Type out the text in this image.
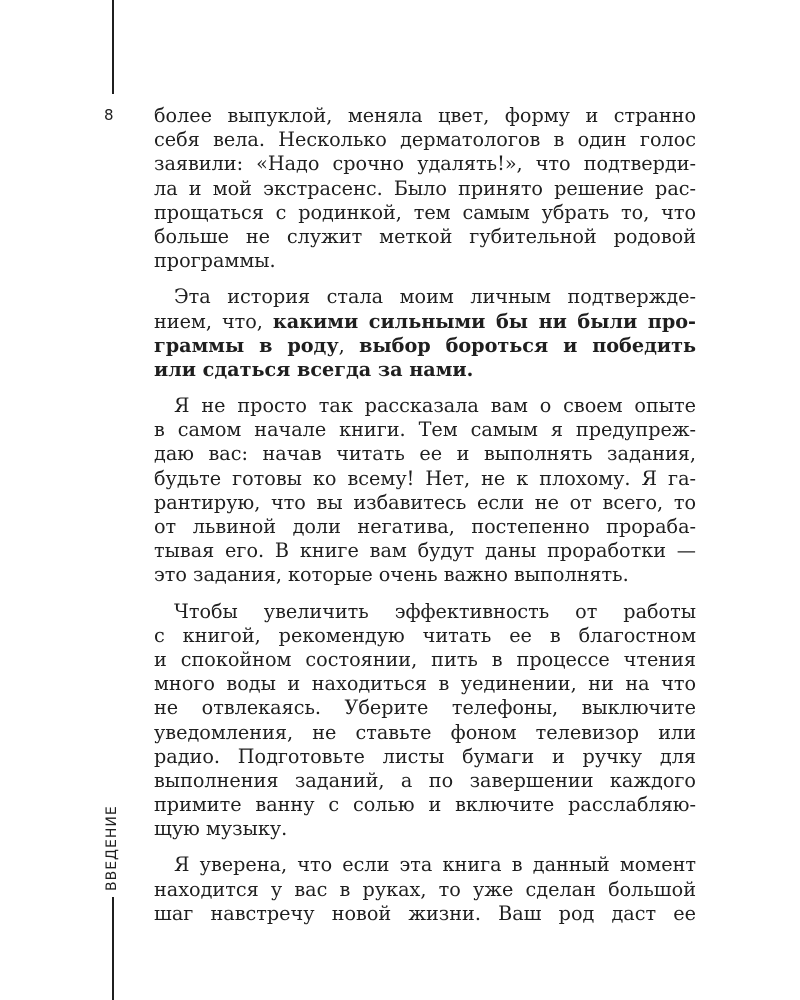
8
ВВЕДЕНИЕ
более выпуклой, меняла цвет, форму и странно
себя вела. Несколько дерматологов в один голос
заявили: «Надо срочно удалять!», что подтверди-
ла и мой экстрасенс. Было принято решение рас-
прощаться с родинкой, тем самым убрать то, что
больше не служит меткой губительной родовой
программы.
Эта история стала моим личным подтвержде-
нием, что, какими сильными бы ни были про-
граммы в роду, выбор бороться и победить
или сдаться всегда за нами.
Я не просто так рассказала вам о своем опыте
в самом начале книги. Тем самым я предупреж-
даю вас: начав читать ее и выполнять задания,
будьте готовы ко всему! Нет, не к плохому. Я га-
рантирую, что вы избавитесь если не от всего, то
от львиной доли негатива, постепенно прораба-
тывая его. В книге вам будут даны проработки —
это задания, которые очень важно выполнять.
Чтобы увеличить эффективность от работы
с книгой, рекомендую читать ее в благостном
и спокойном состоянии, пить в процессе чтения
много воды и находиться в уединении, ни на что
не отвлекаясь. Уберите телефоны, выключите
уведомления, не ставьте фоном телевизор или
радио. Подготовьте листы бумаги и ручку для
выполнения заданий, а по завершении каждого
примите ванну с солью и включите расслабляю-
щую музыку.
Я уверена, что если эта книга в данный момент
находится у вас в руках, то уже сделан большой
шаг навстречу новой жизни. Ваш род даст ее
